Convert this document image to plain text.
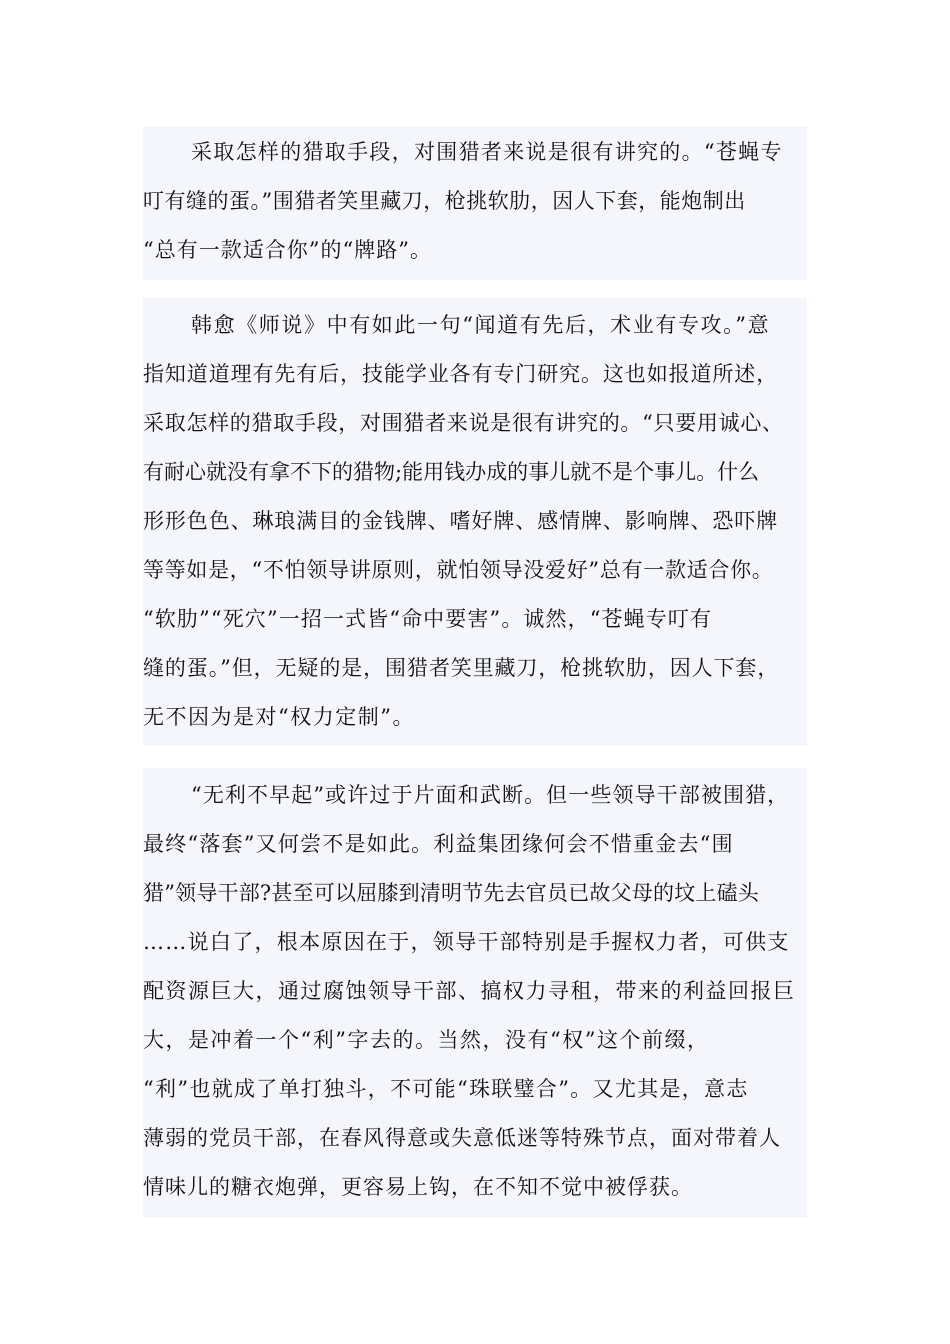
采取怎样的猎取手段，对围猎者来说是很有讲究的。“苍蝇专
叮有缝的蛋。”围猎者笑里藏刀，枪挑软肋，因人下套，能炮制出
“总有一款适合你”的“牌路”。
韩愈《师说》中有如此一句“闻道有先后，术业有专攻。”意
指知道道理有先有后，技能学业各有专门研究。这也如报道所述，
采取怎样的猎取手段，对围猎者来说是很有讲究的。“只要用诚心、
有耐心就没有拿不下的猎物;能用钱办成的事儿就不是个事儿。什么
形形色色、琳琅满目的金钱牌、嗜好牌、感情牌、影响牌、恐吓牌
等等如是，“不怕领导讲原则，就怕领导没爱好”总有一款适合你。
“软肋”“死穴”一招一式皆“命中要害”。诚然，“苍蝇专叮有
缝的蛋。”但，无疑的是，围猎者笑里藏刀，枪挑软肋，因人下套，
无不因为是对“权力定制”。
“无利不早起”或许过于片面和武断。但一些领导干部被围猎，
最终“落套”又何尝不是如此。利益集团缘何会不惜重金去“围
猎”领导干部?甚至可以屈膝到清明节先去官员已故父母的坟上磕头
……说白了，根本原因在于，领导干部特别是手握权力者，可供支
配资源巨大，通过腐蚀领导干部、搞权力寻租，带来的利益回报巨
大，是冲着一个“利”字去的。当然，没有“权”这个前缀，
“利”也就成了单打独斗，不可能“珠联璧合”。又尤其是，意志
薄弱的党员干部，在春风得意或失意低迷等特殊节点，面对带着人
情味儿的糖衣炮弹，更容易上钩，在不知不觉中被俘获。
